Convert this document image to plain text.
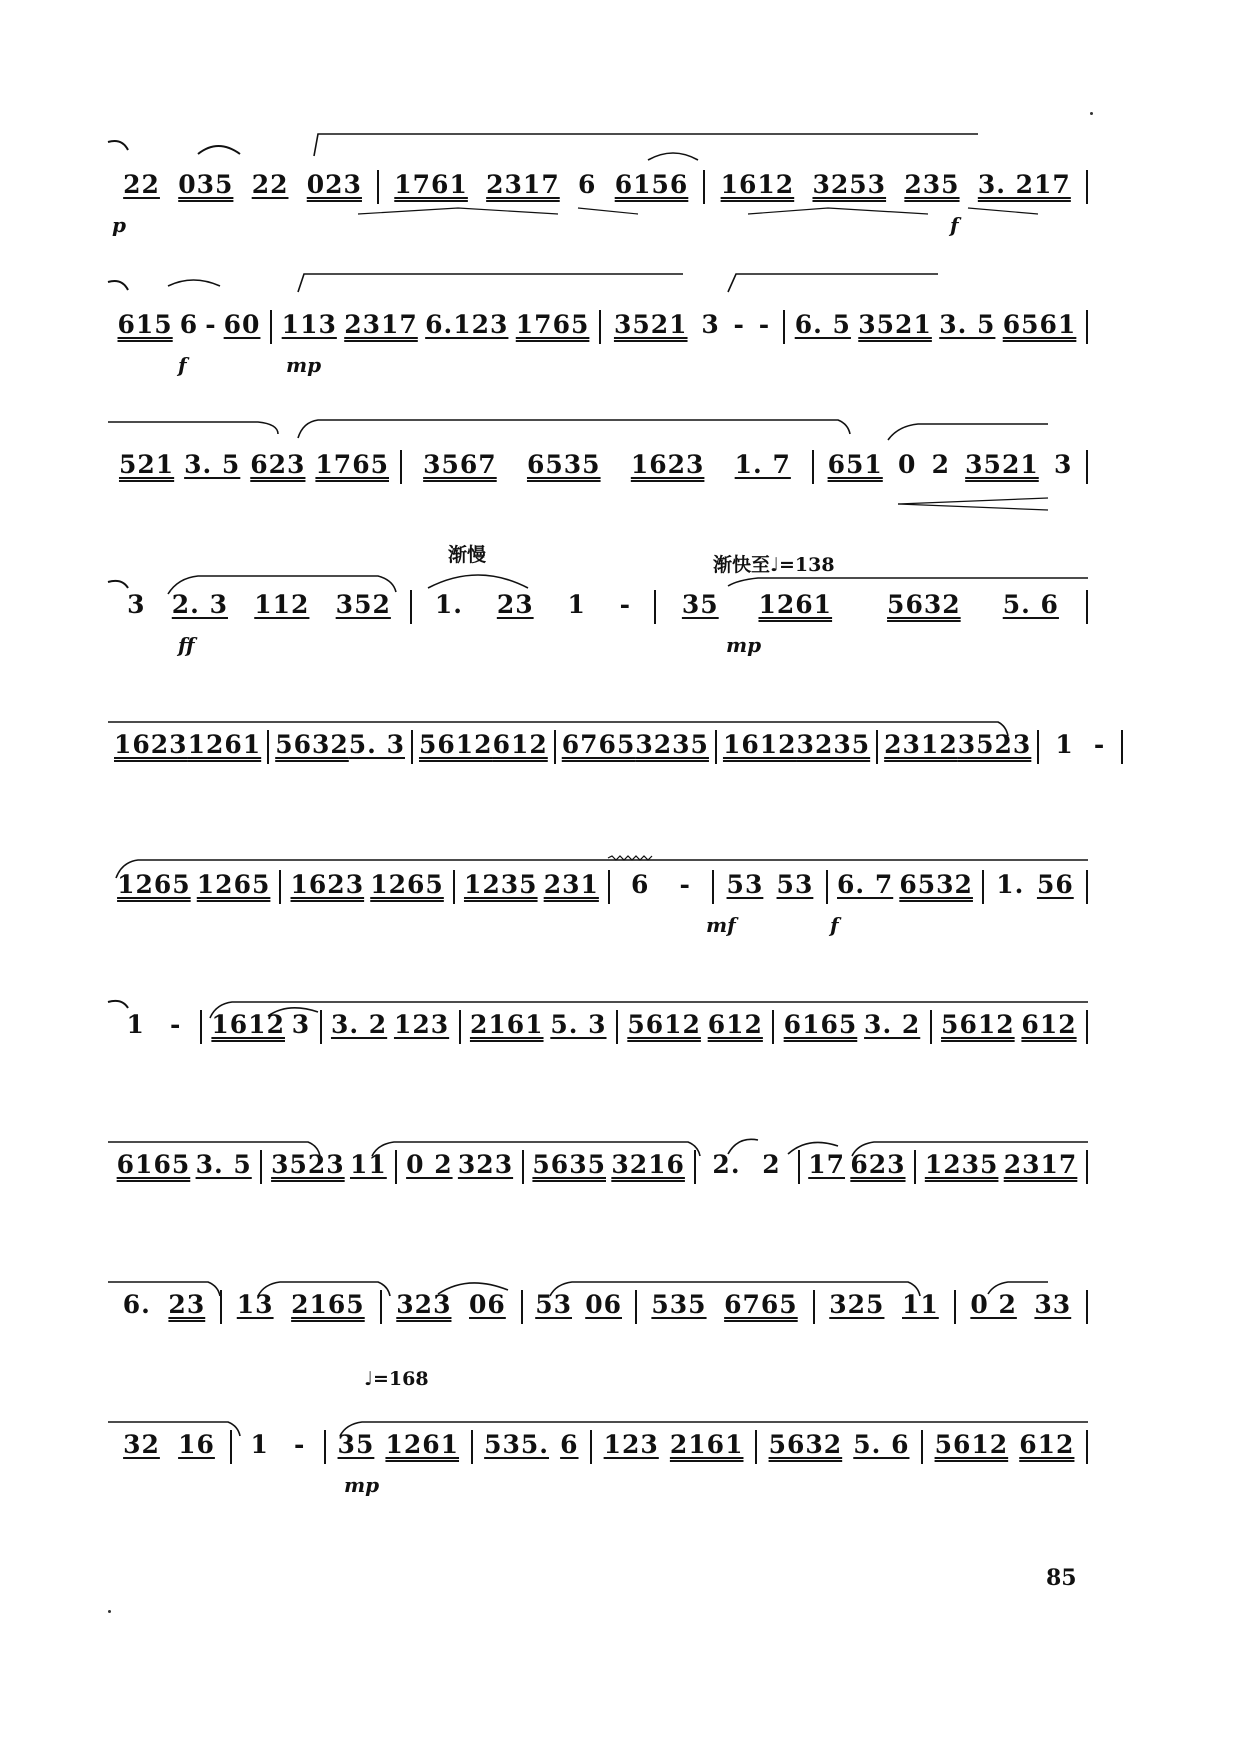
22 035 22 023 1761 2317 6 6156 1612 3253 235 3. 217
p	f
615 6 - 60 113 2317 6.123 1765 3521 3 - - 6. 5 3521 3. 5 6561
f	mp
521 3. 5 623 1765 3567 6535 1623 1. 7 651 0 2 3521 3
渐慢	渐快至♩=138
3 2. 3 112 352 1. 23 1 - 35 1261 5632 5. 6
ff	mp
1623 1261 5632 5. 3 5612 612 6765 3235 1612 3235 2312 3523 1 -
1265 1265 1623 1265 1235 231 6 - 53 53 6. 7 6532 1. 56
mf	f
1 - 1612 3 3. 2 123 2161 5. 3 5612 612 6165 3. 2 5612 612
6165 3. 5 3523 11 0 2 323 5635 3216 2. 2 17 623 1235 2317
6. 23 13 2165 323 06 53 06 535 6765 325 11 0 2 33
♩=168
32 16 1 - 35 1261 535. 6 123 2161 5632 5. 6 5612 612
mp
85
